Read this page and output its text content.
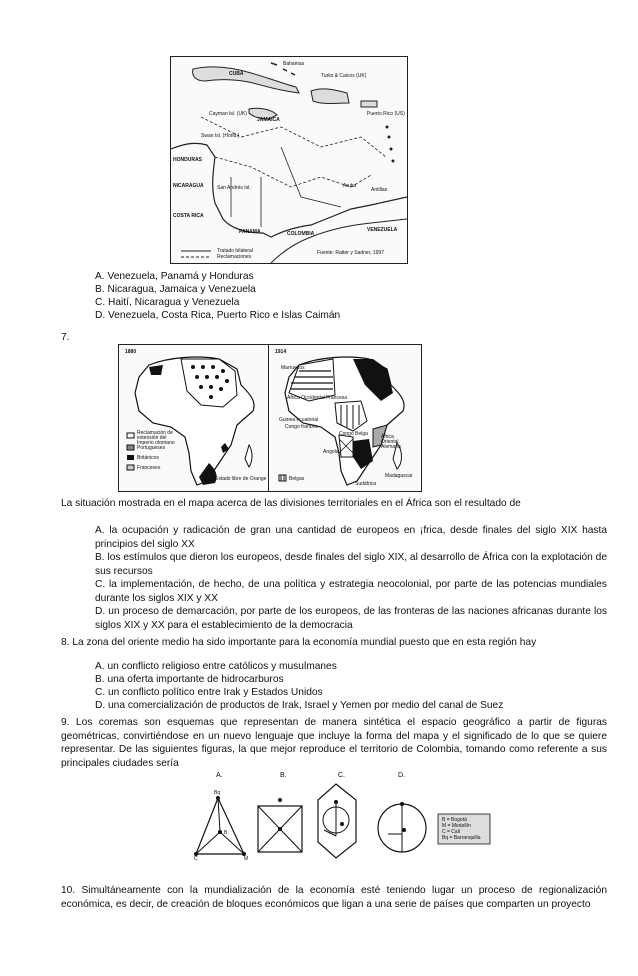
CUBA	Turks & Caicos (UK)
Bahamas
Cayman Isl. (UK)
JAMAICA
Swan Isl. (Hond.)
Puerto Rico (US)
HONDURAS
NICARAGUA	San Andrés Isl.
COSTA RICA
PANAMA	COLOMBIA
VENEZUELA
Aruba
Antillas
Tratado bilateral
Reclamaciones
Fuente: Ratter y Sadner, 1997
A. Venezuela, Panamá y Honduras
B. Nicaragua, Jamaica y Venezuela
C. Haití, Nicaragua y Venezuela
D. Venezuela, Costa Rica, Puerto Rico e Islas Caimán
7.
1880
Reclamación de extensión del Imperio otomano
Portugueses
Británicos
Franceses
Estado libre de Orange
1914
Marruecos
África Occidental Francesa
Guinea ecuatorial
Congo francés
Congo Belga
Angola
África Oriental Alemana
Sudáfrica
Madagascar
Belgas
La situación mostrada en el mapa acerca de las divisiones territoriales en el África son el resultado de
A. la ocupación y radicación de gran una cantidad de europeos en ¡frica, desde finales del siglo XIX hasta principios del siglo XX
B. los estímulos que dieron los europeos, desde finales del siglo XIX, al desarrollo de África con la explotación de sus recursos
C. la implementación, de hecho, de una política y estrategia neocolonial, por parte de las potencias mundiales durante los siglos XIX y XX
D. un proceso de demarcación, por parte de los europeos, de las fronteras de las naciones africanas durante los siglos XIX y XX para el establecimiento de la democracia
8. La zona del oriente medio ha sido importante para la economía mundial puesto que en esta región hay
A. un conflicto religioso entre católicos y musulmanes
B. una oferta importante de hidrocarburos
C. un conflicto político entre Irak y Estados Unidos
D. una comercialización de productos de Irak, Israel y Yemen por medio del canal de Suez
9. Los coremas son esquemas que representan de manera sintética el espacio geográfico a partir de figuras geométricas, convirtiéndose en un nuevo lenguaje que incluye la forma del mapa y el significado de lo que se quiere representar. De las siguientes figuras, la que mejor reproduce el territorio de Colombia, tomando como referente a sus principales ciudades sería
A.	B.	C.	D.
Bq
M
C
B
B = Bogotá
M = Medellín
C = Cali
Bq = Barranquilla
10. Simultáneamente con la mundialización de la economía esté teniendo lugar un proceso de regionalización económica, es decir, de creación de bloques económicos que ligan a una serie de países que comparten un proyecto
